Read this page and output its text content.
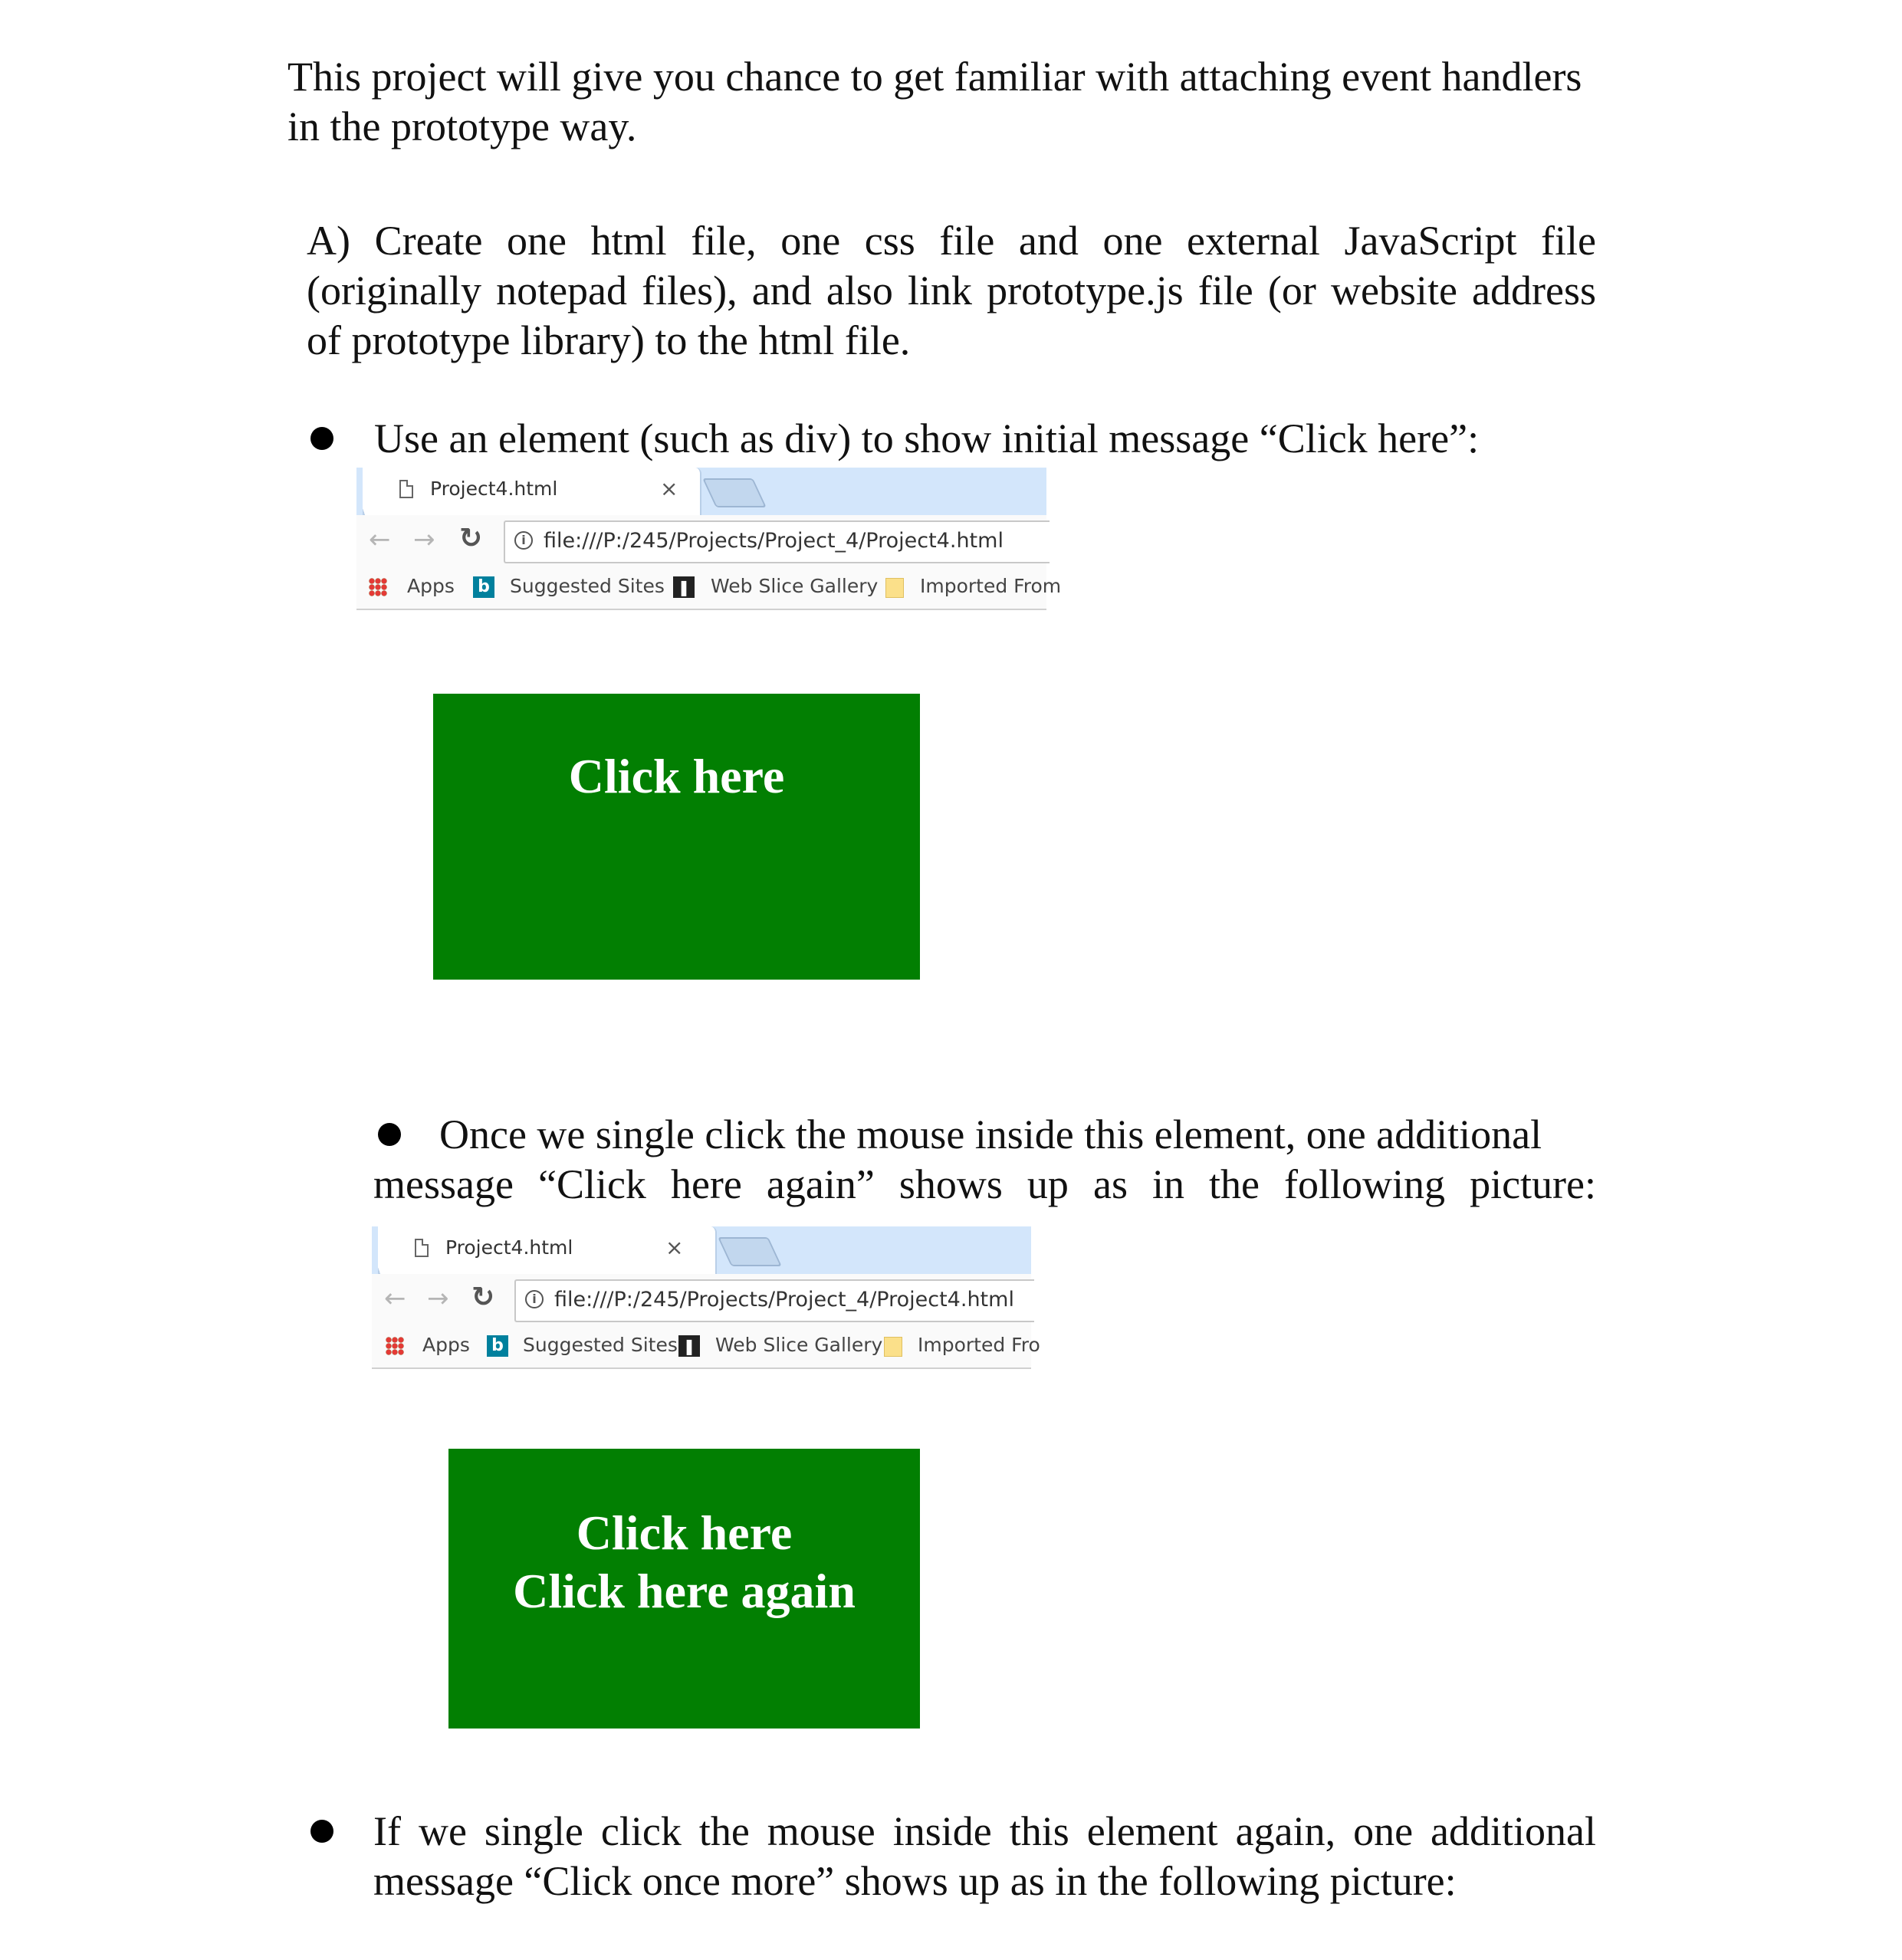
This project will give you chance to get familiar with attaching event handlers

in the prototype way.

A) Create one html file, one css file and one external JavaScript file

(originally notepad files), and also link prototype.js file (or website address

of prototype library) to the html file.

Use an element (such as div) to show initial message “Click here”:

Project4.html	×
← → ↻	i file:///P:/245/Projects/Project_4/Project4.html
Apps b Suggested Sites ❚ Web Slice Gallery Imported From
Click here

Once we single click the mouse inside this element, one additional

message “Click here again” shows up as in the following picture:

Project4.html	×
← → ↻	i file:///P:/245/Projects/Project_4/Project4.html
Apps b Suggested Sites ❚ Web Slice Gallery Imported Fro
Click here
Click here again

If we single click the mouse inside this element again, one additional

message “Click once more” shows up as in the following picture:
